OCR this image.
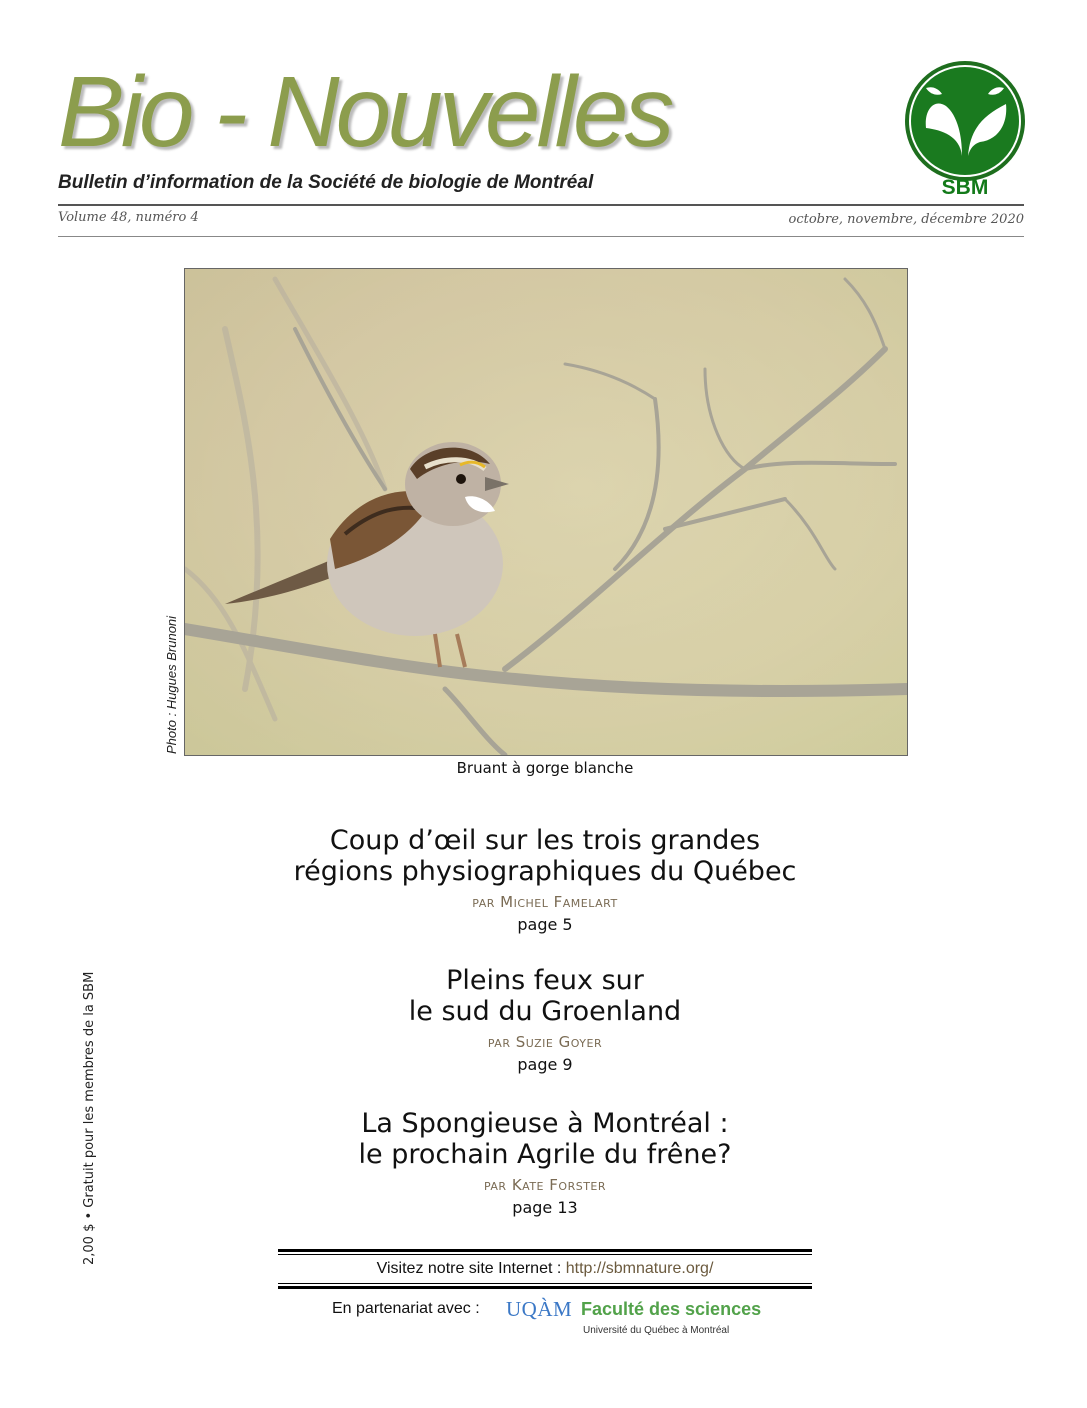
Bio - Nouvelles
Bulletin d’information de la Société de biologie de Montréal
Volume 48, numéro 4	octobre, novembre, décembre 2020
SBM
Photo : Hugues Brunoni
Bruant à gorge blanche
Coup d’œil sur les trois grandes
régions physiographiques du Québec
par Michel Famelart
page 5
Pleins feux sur
le sud du Groenland
par Suzie Goyer
page 9
La Spongieuse à Montréal :
le prochain Agrile du frêne?
par Kate Forster
page 13
2,00 $ • Gratuit pour les membres de la SBM
Visitez notre site Internet : http://sbmnature.org/
En partenariat avec : UQÀM Faculté des sciences
Université du Québec à Montréal
